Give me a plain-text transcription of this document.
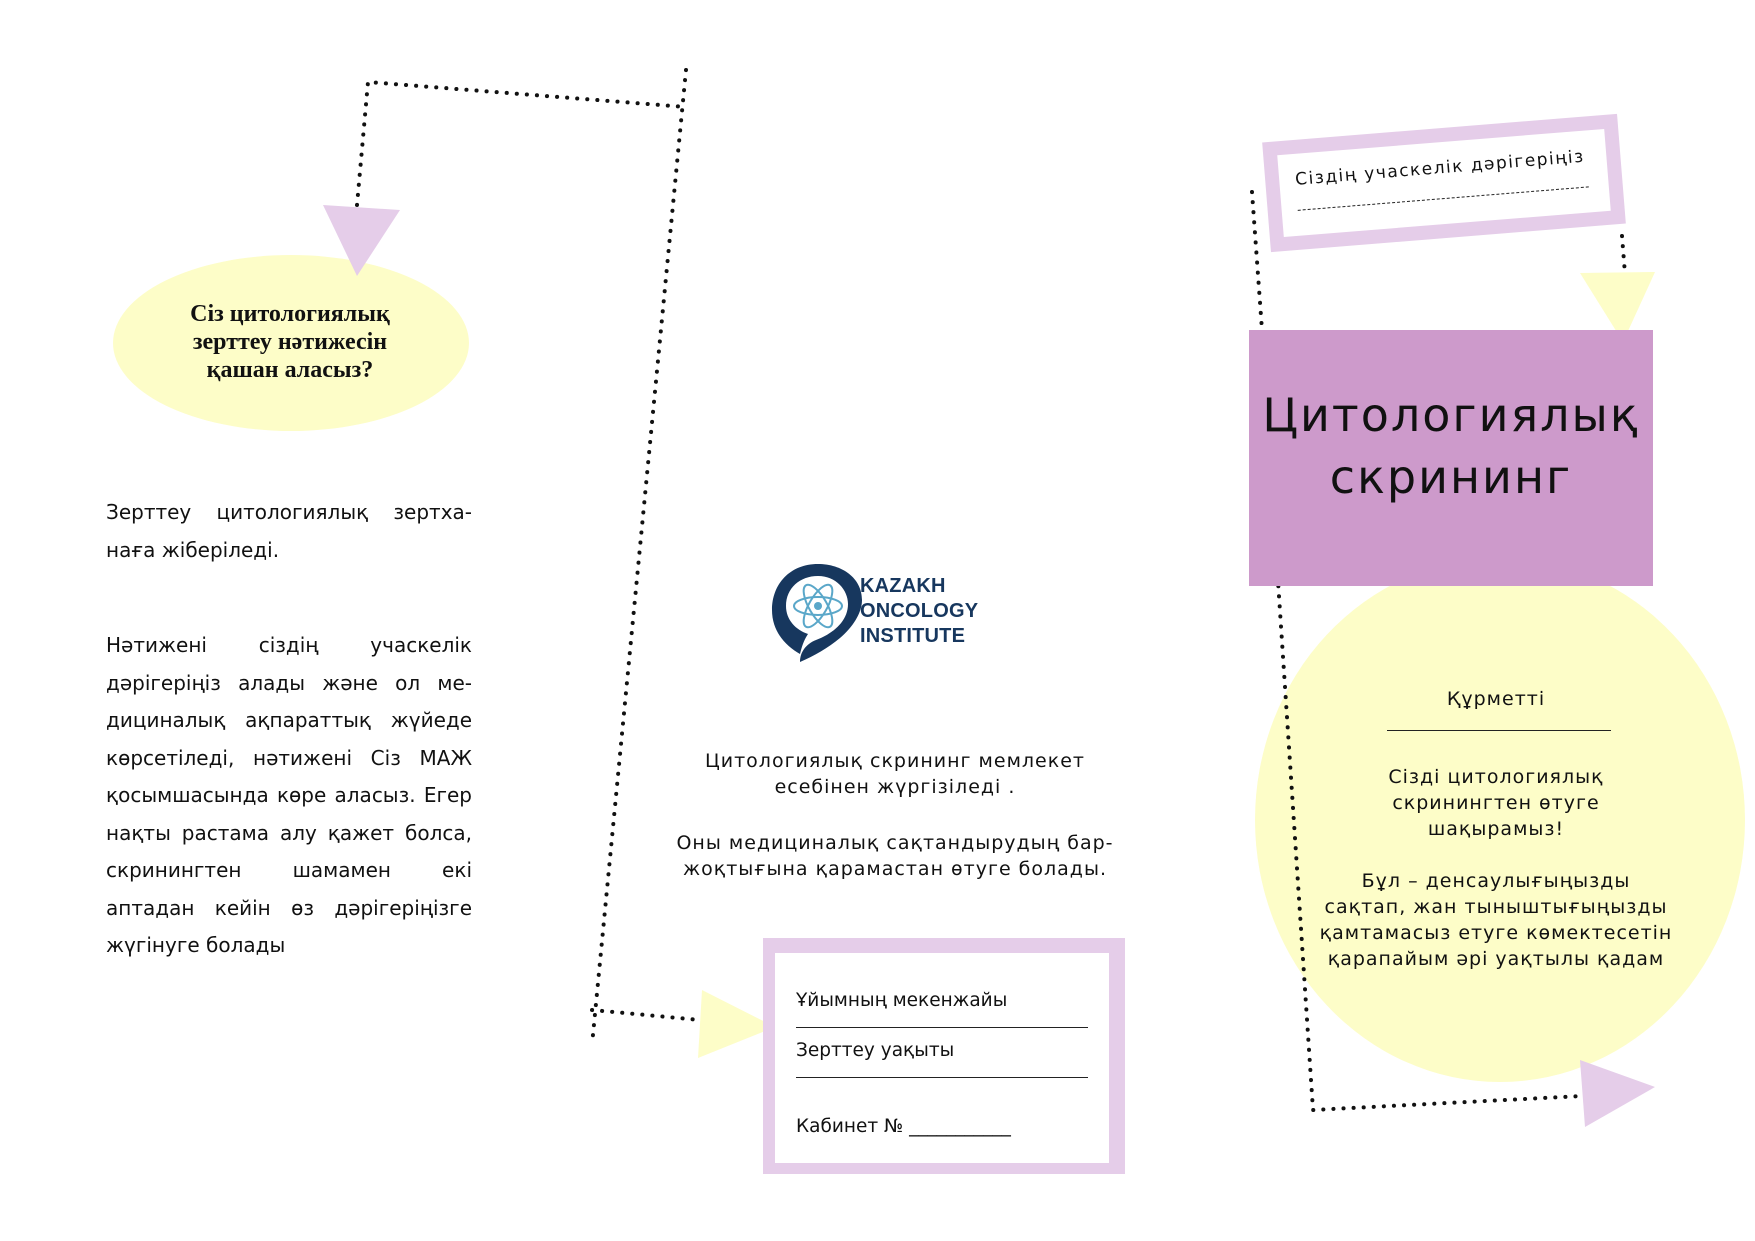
Сіз цитологиялық зерттеу нәтижесін қашан аласыз?
Зерттеу цитологиялық зертха-наға жіберіледі.
Нәтижені сіздің учаскелік дәрігеріңіз алады және ол ме-дициналық ақпараттық жүйеде көрсетіледі, нәтижені Сіз МАЖ қосымшасында көре аласыз. Егер нақты растама алу қажет болса, скринингтен шамамен екі аптадан кейін өз дәрігеріңізге жүгінуге болады
KAZAKH
ONCOLOGY
INSTITUTE
Цитологиялық скрининг мемлекет есебінен жүргізіледі .
Оны медициналық сақтандырудың бар-жоқтығына қарамастан өтуге болады.
Ұйымның мекенжайы
Зерттеу уақыты
Кабинет № ___________
Сіздің учаскелік дәрігеріңіз
Цитологиялық скрининг
Құрметті
Сізді цитологиялық скринингтен өтуге шақырамыз!
Бұл – денсаулығыңызды сақтап, жан тыныштығыңызды қамтамасыз етуге көмектесетін қарапайым әрі уақтылы қадам
